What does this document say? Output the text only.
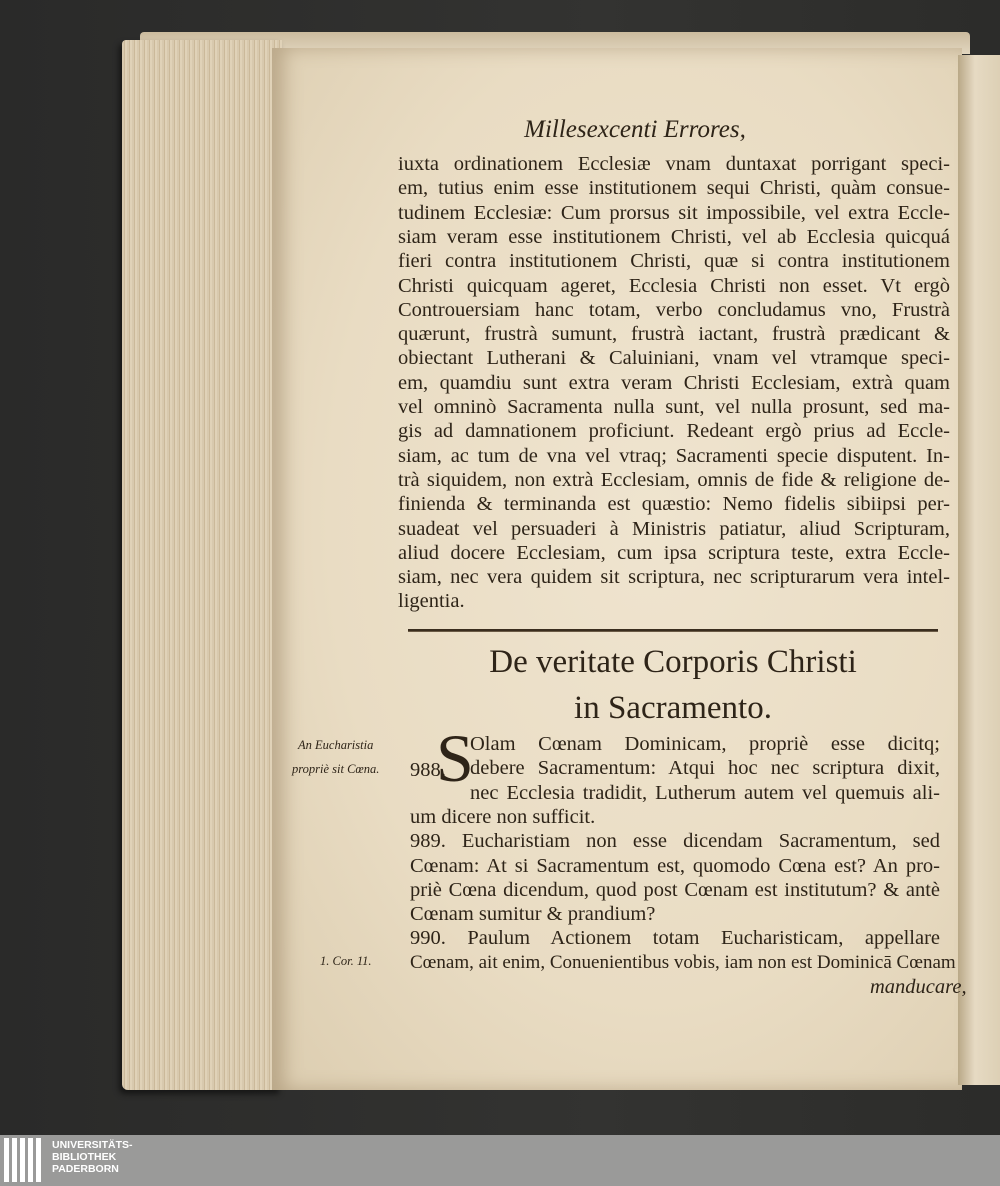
Millesexcenti Errores,
iuxta ordinationem Ecclesiæ vnam duntaxat porrigant speci-
em, tutius enim esse institutionem sequi Christi, quàm consue-
tudinem Ecclesiæ: Cum prorsus sit impossibile, vel extra Eccle-
siam veram esse institutionem Christi, vel ab Ecclesia quicquá
fieri contra institutionem Christi, quæ si contra institutionem
Christi quicquam ageret, Ecclesia Christi non esset. Vt ergò
Controuersiam hanc totam, verbo concludamus vno, Frustrà
quærunt, frustrà sumunt, frustrà iactant, frustrà prædicant &
obiectant Lutherani & Caluiniani, vnam vel vtramque speci-
em, quamdiu sunt extra veram Christi Ecclesiam, extrà quam
vel omninò Sacramenta nulla sunt, vel nulla prosunt, sed ma-
gis ad damnationem proficiunt. Redeant ergò prius ad Eccle-
siam, ac tum de vna vel vtraq; Sacramenti specie disputent. In-
trà siquidem, non extrà Ecclesiam, omnis de fide & religione de-
finienda & terminanda est quæstio: Nemo fidelis sibiipsi per-
suadeat vel persuaderi à Ministris patiatur, aliud Scripturam,
aliud docere Ecclesiam, cum ipsa scriptura teste, extra Eccle-
siam, nec vera quidem sit scriptura, nec scripturarum vera intel-
ligentia.
De veritate Corporis Christi
in Sacramento.
S
988.
Olam Cœnam Dominicam, propriè esse dicitq;
debere Sacramentum: Atqui hoc nec scriptura dixit,
nec Ecclesia tradidit, Lutherum autem vel quemuis ali-
um dicere non sufficit.
989. Eucharistiam non esse dicendam Sacramentum, sed
Cœnam: At si Sacramentum est, quomodo Cœna est? An pro-
priè Cœna dicendum, quod post Cœnam est institutum? & antè
Cœnam sumitur & prandium?
990. Paulum Actionem totam Eucharisticam, appellare
Cœnam, ait enim, Conuenientibus vobis, iam non est Dominicā Cœnam
manducare,
An Eucharistia
propriè sit Cœna.
1. Cor. 11.
UNIVERSITÄTS-
BIBLIOTHEK
PADERBORN
